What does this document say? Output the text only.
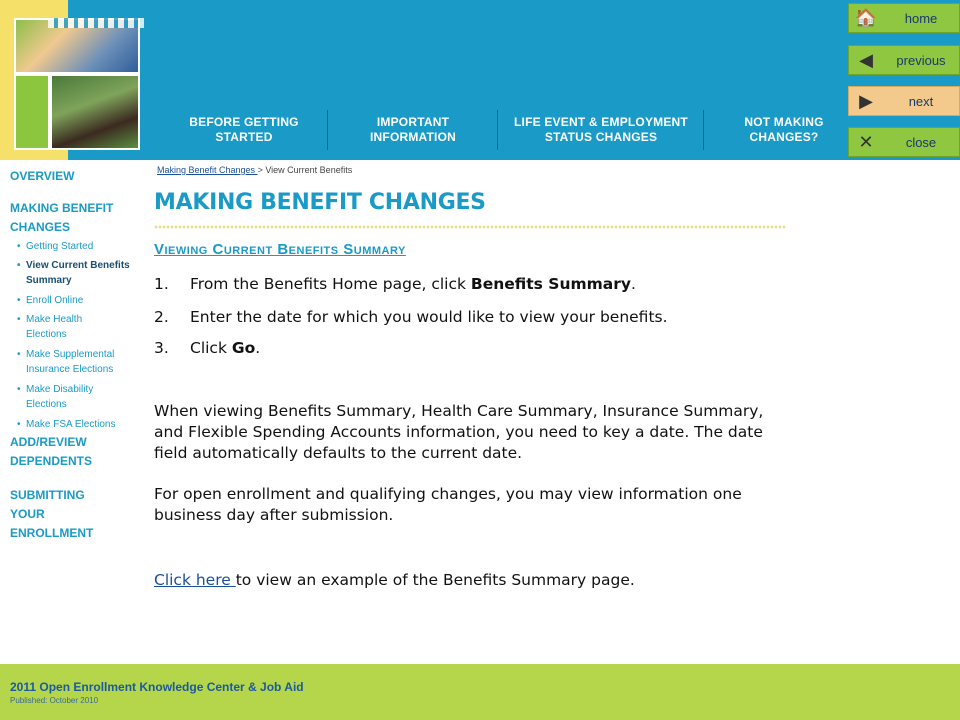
BEFORE GETTING STARTED
IMPORTANT INFORMATION
LIFE EVENT & EMPLOYMENT STATUS CHANGES
NOT MAKING CHANGES?
🏠	home
◀	previous
▶	next
✕	close
OVERVIEW
MAKING BENEFIT CHANGES
• Getting Started
• View Current Benefits Summary
• Enroll Online
• Make Health Elections
• Make Supplemental Insurance Elections
• Make Disability Elections
• Make FSA Elections
ADD/REVIEW DEPENDENTS
SUBMITTING YOUR ENROLLMENT
Making Benefit Changes > View Current Benefits
MAKING BENEFIT CHANGES
Viewing Current Benefits Summary
1. From the Benefits Home page, click Benefits Summary.
2. Enter the date for which you would like to view your benefits.
3. Click Go.
When viewing Benefits Summary, Health Care Summary, Insurance Summary, and Flexible Spending Accounts information, you need to key a date. The date field automatically defaults to the current date.
For open enrollment and qualifying changes, you may view information one business day after submission.
Click here to view an example of the Benefits Summary page.
2011 Open Enrollment Knowledge Center & Job Aid
Published: October 2010
